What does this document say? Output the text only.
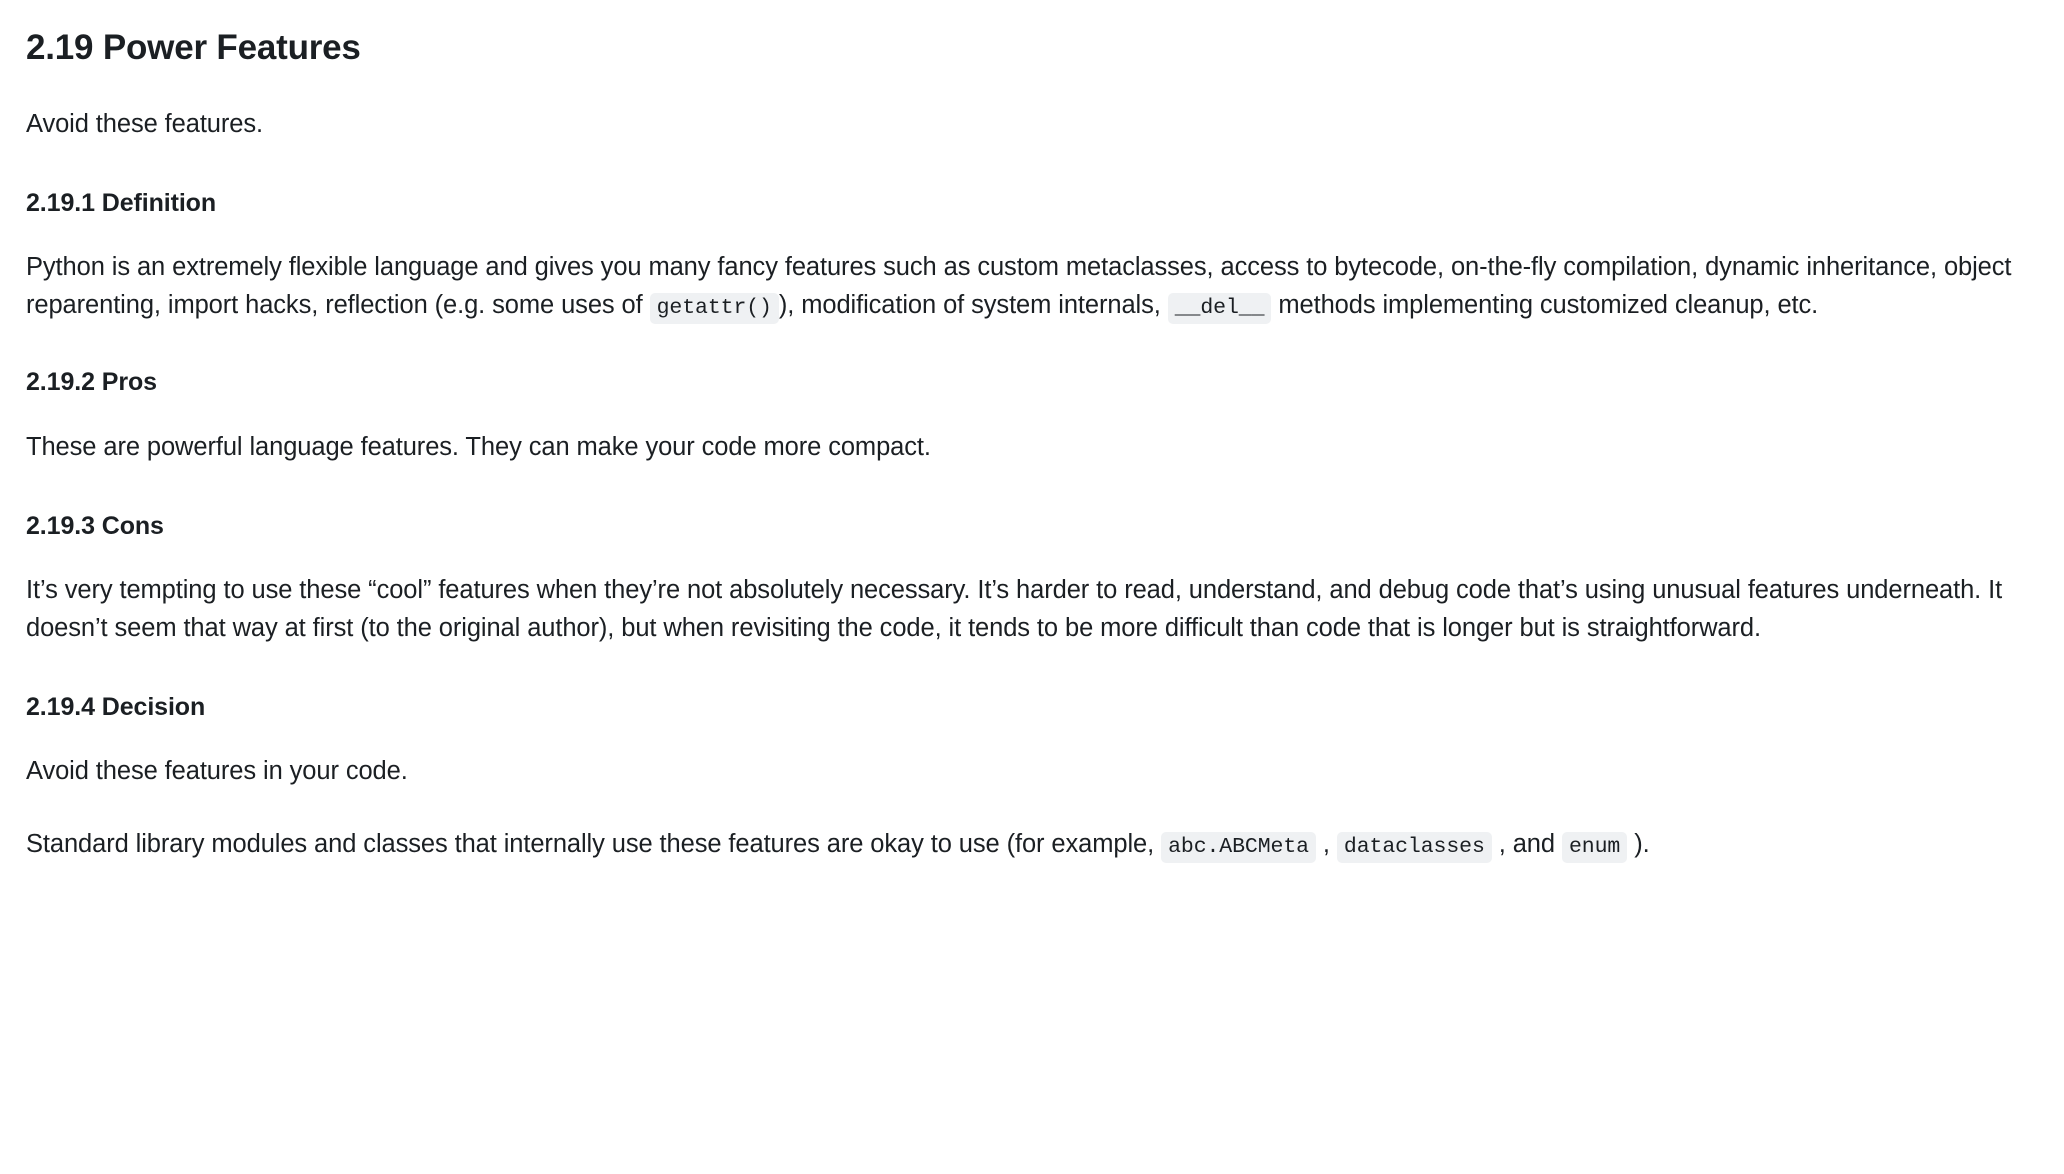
2.19 Power Features

Avoid these features.

2.19.1 Definition

Python is an extremely flexible language and gives you many fancy features such as custom metaclasses, access to bytecode, on-the-fly compilation, dynamic inheritance, object reparenting, import hacks, reflection (e.g. some uses of getattr() ), modification of system internals, __del__ methods implementing customized cleanup, etc.

2.19.2 Pros

These are powerful language features. They can make your code more compact.

2.19.3 Cons

It’s very tempting to use these “cool” features when they’re not absolutely necessary. It’s harder to read, understand, and debug code that’s using unusual features underneath. It doesn’t seem that way at first (to the original author), but when revisiting the code, it tends to be more difficult than code that is longer but is straightforward.

2.19.4 Decision

Avoid these features in your code.

Standard library modules and classes that internally use these features are okay to use (for example, abc.ABCMeta , dataclasses , and enum ).
